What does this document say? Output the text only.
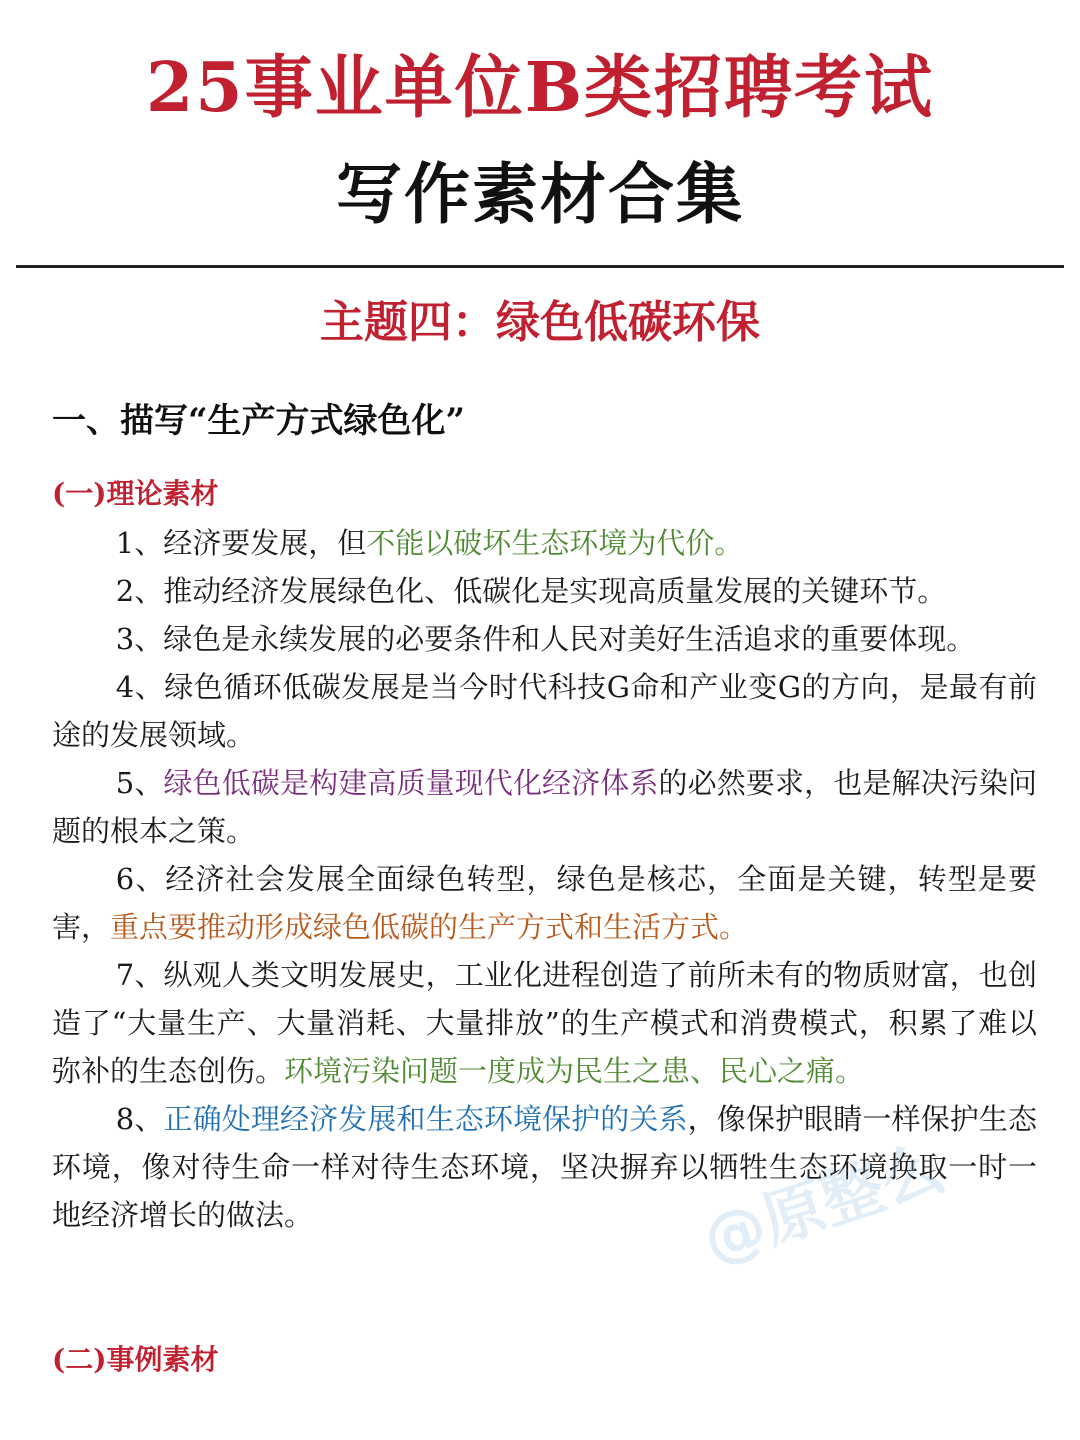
25事业单位B类招聘考试
写作素材合集
主题四：绿色低碳环保
一、描写“生产方式绿色化”
(一)理论素材

1、经济要发展，但不能以破坏生态环境为代价。

2、推动经济发展绿色化、低碳化是实现高质量发展的关键环节。

3、绿色是永续发展的必要条件和人民对美好生活追求的重要体现。

4、绿色循环低碳发展是当今时代科技G命和产业变G的方向，是最有前途的发展领域。

5、绿色低碳是构建高质量现代化经济体系的必然要求，也是解决污染问题的根本之策。

6、经济社会发展全面绿色转型，绿色是核芯，全面是关键，转型是要害，重点要推动形成绿色低碳的生产方式和生活方式。

7、纵观人类文明发展史，工业化进程创造了前所未有的物质财富，也创造了“大量生产、大量消耗、大量排放”的生产模式和消费模式，积累了难以弥补的生态创伤。环境污染问题一度成为民生之患、民心之痛。

8、正确处理经济发展和生态环境保护的关系，像保护眼睛一样保护生态环境，像对待生命一样对待生态环境，坚决摒弃以牺牲生态环境换取一时一地经济增长的做法。

(二)事例素材
@原整么
